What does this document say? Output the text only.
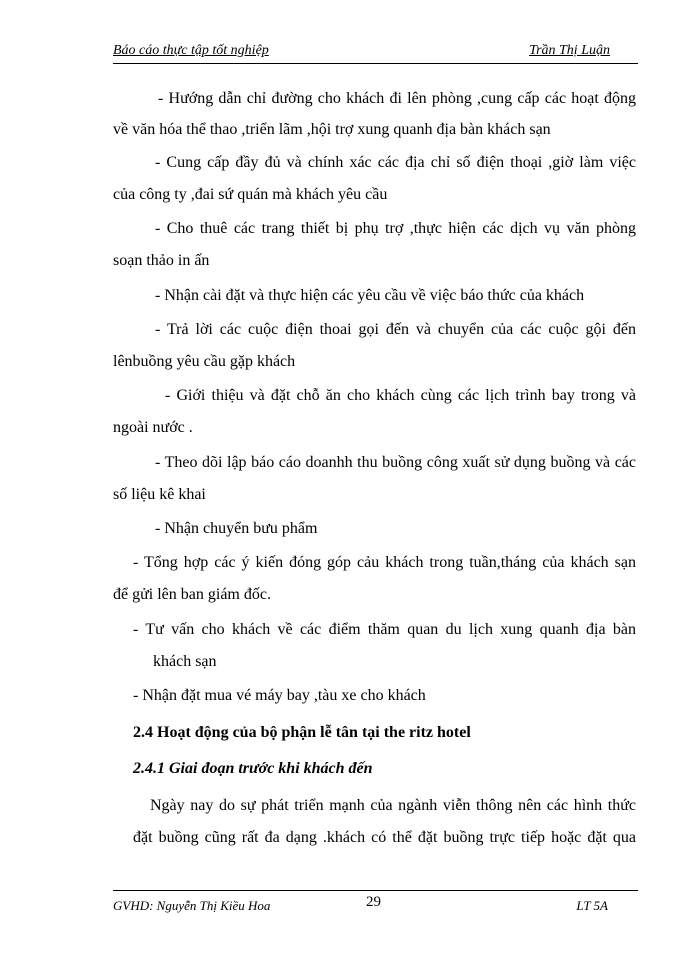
Báo cáo thực tập tốt nghiệp	Trần Thị Luận
- Hướng dẫn chỉ đường cho khách đi lên phòng ,cung cấp các hoạt động
về văn hóa thể thao ,triển lãm ,hội trợ xung quanh địa bàn khách sạn
- Cung cấp đầy đủ và chính xác các địa chỉ số điện thoại ,giờ làm việc
của công ty ,đai sứ quán mà khách yêu cầu
- Cho thuê các trang thiết bị phụ trợ ,thực hiện các dịch vụ văn phòng
soạn thảo in ấn
- Nhận cài đặt và thực hiện các yêu cầu về việc báo thức của khách
- Trả lời các cuộc điện thoai gọi đến và chuyển của các cuộc gội đến
lênbuồng yêu cầu gặp khách
- Giới thiệu và đặt chỗ ăn cho khách cùng các lịch trình bay trong và
ngoài nước .
- Theo dõi lập báo cáo doanhh thu buồng công xuất sử dụng buồng và các
số liệu kê khai
- Nhận chuyển bưu phẩm
- Tổng hợp các ý kiến đóng góp cảu khách trong tuần,tháng của khách sạn
để gửi lên ban giám đốc.
- Tư vấn cho khách về các điểm thăm quan du lịch xung quanh địa bàn
khách sạn
- Nhận đặt mua vé máy bay ,tàu xe cho khách
2.4 Hoạt động của bộ phận lễ tân tại the ritz hotel
2.4.1 Giai đoạn trước khi khách đến
Ngày nay do sự phát triển mạnh của ngành viễn thông nên các hình thức
đặt buồng cũng rất đa dạng .khách có thể đặt buồng trực tiếp hoặc đặt qua
GVHD: Nguyễn Thị Kiều Hoa	29	LT 5A
